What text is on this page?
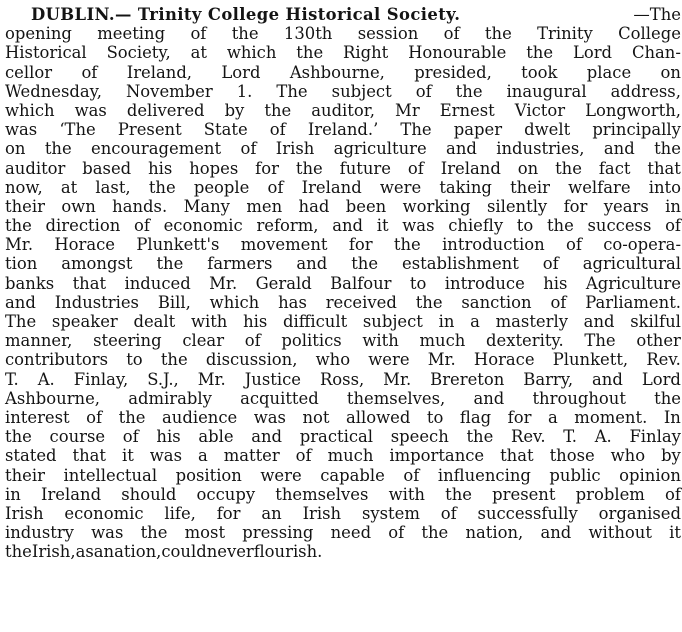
DUBLIN.— Trinity College Historical Society.	—The
opening meeting of the 130th session of the Trinity College
Historical Society, at which the Right Honourable the Lord Chan-
cellor of Ireland, Lord Ashbourne, presided, took place on
Wednesday, November 1. The subject of the inaugural address,
which was delivered by the auditor, Mr Ernest Victor Longworth,
was ‘The Present State of Ireland.’ The paper dwelt principally
on the encouragement of Irish agriculture and industries, and the
auditor based his hopes for the future of Ireland on the fact that
now, at last, the people of Ireland were taking their welfare into
their own hands. Many men had been working silently for years in
the direction of economic reform, and it was chiefly to the success of
Mr. Horace Plunkett's movement for the introduction of co-opera-
tion amongst the farmers and the establishment of agricultural
banks that induced Mr. Gerald Balfour to introduce his Agriculture
and Industries Bill, which has received the sanction of Parliament.
The speaker dealt with his difficult subject in a masterly and skilful
manner, steering clear of politics with much dexterity. The other
contributors to the discussion, who were Mr. Horace Plunkett, Rev.
T. A. Finlay, S.J., Mr. Justice Ross, Mr. Brereton Barry, and Lord
Ashbourne, admirably acquitted themselves, and throughout the
interest of the audience was not allowed to flag for a moment. In
the course of his able and practical speech the Rev. T. A. Finlay
stated that it was a matter of much importance that those who by
their intellectual position were capable of influencing public opinion
in Ireland should occupy themselves with the present problem of
Irish economic life, for an Irish system of successfully organised
industry was the most pressing need of the nation, and without it
the Irish, as a nation, could never flourish.
